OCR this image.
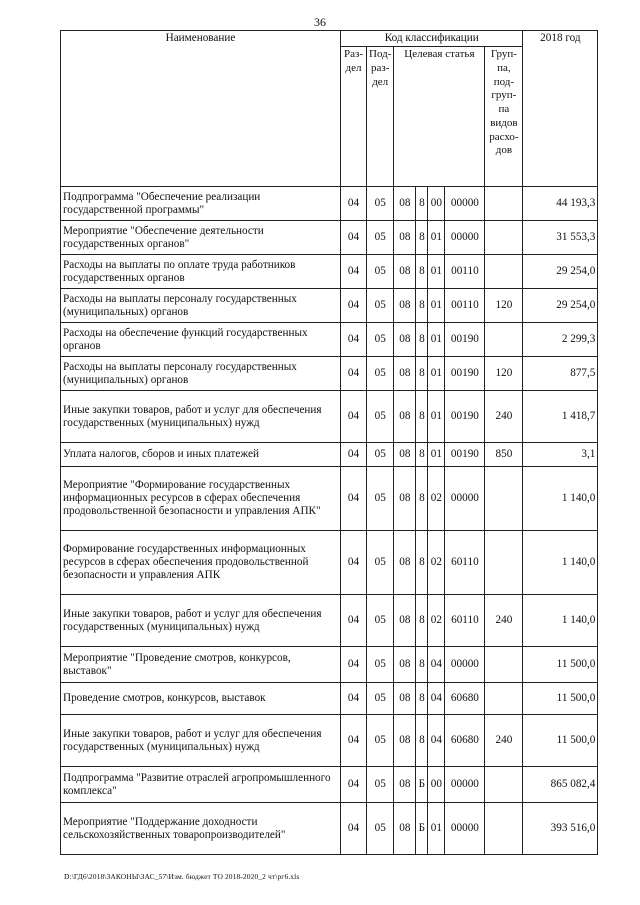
36
Наименование	Код классификации							2018 год
	Раз-дел	Под-раз-дел	Целевая статья				Груп-па, под-груп-па видов расхо-дов	
Подпрограмма "Обеспечение реализации государственной программы"	04	05	08	8	00	00000		44 193,3
Мероприятие "Обеспечение деятельности государственных органов"	04	05	08	8	01	00000		31 553,3
Расходы на выплаты по оплате труда работников государственных органов	04	05	08	8	01	00110		29 254,0
Расходы на выплаты персоналу государственных (муниципальных) органов	04	05	08	8	01	00110	120	29 254,0
Расходы на обеспечение функций государственных органов	04	05	08	8	01	00190		2 299,3
Расходы на выплаты персоналу государственных (муниципальных) органов	04	05	08	8	01	00190	120	877,5
Иные закупки товаров, работ и услуг для обеспечения государственных (муниципальных) нужд	04	05	08	8	01	00190	240	1 418,7
Уплата налогов, сборов и иных платежей	04	05	08	8	01	00190	850	3,1
Мероприятие "Формирование государственных информационных ресурсов в сферах обеспечения продовольственной безопасности и управления АПК"	04	05	08	8	02	00000		1 140,0
Формирование государственных информационных ресурсов в сферах обеспечения продовольственной безопасности и управления АПК	04	05	08	8	02	60110		1 140,0
Иные закупки товаров, работ и услуг для обеспечения государственных (муниципальных) нужд	04	05	08	8	02	60110	240	1 140,0
Мероприятие "Проведение смотров, конкурсов, выставок"	04	05	08	8	04	00000		11 500,0
Проведение смотров, конкурсов, выставок	04	05	08	8	04	60680		11 500,0
Иные закупки товаров, работ и услуг для обеспечения государственных (муниципальных) нужд	04	05	08	8	04	60680	240	11 500,0
Подпрограмма "Развитие отраслей агропромышленного комплекса"	04	05	08	Б	00	00000		865 082,4
Мероприятие "Поддержание доходности сельскохозяйственных товаропроизводителей"	04	05	08	Б	01	00000		393 516,0
D:\ГД6\2018\ЗАКОНЫ\ЗАС_57\Изм. бюджет ТО 2018-2020_2 чт\рг6.xls
